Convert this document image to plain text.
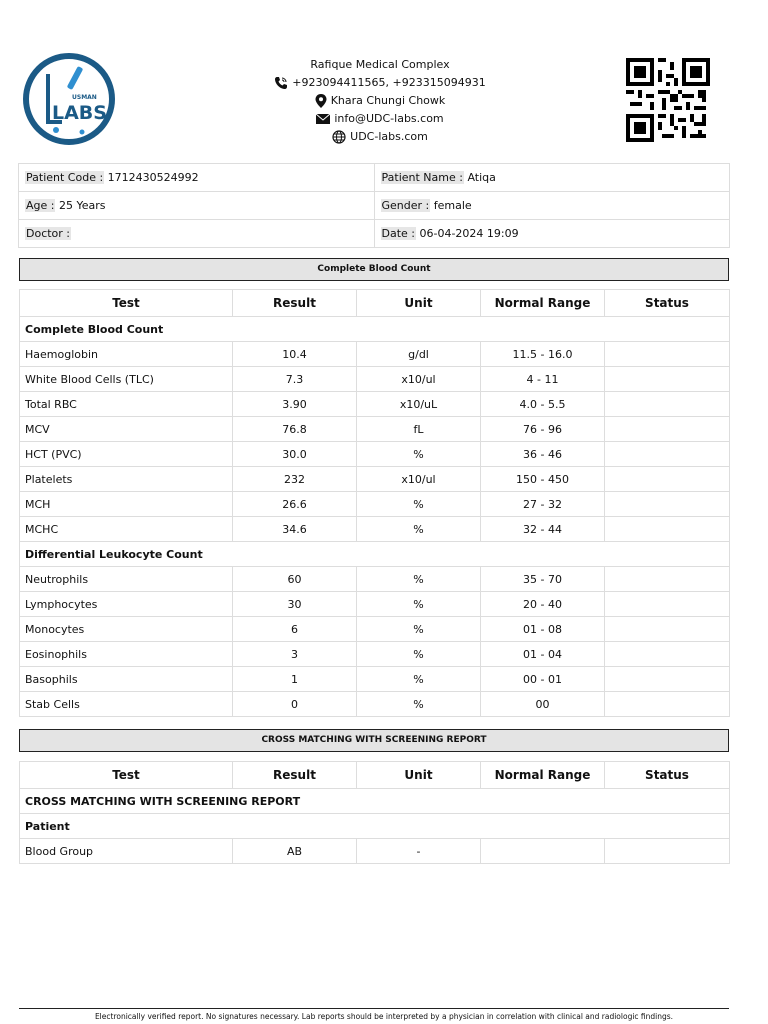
USMAN
LABS
Rafique Medical Complex
+923094411565, +923315094931
Khara Chungi Chowk
info@UDC-labs.com
UDC-labs.com
Patient Code : 1712430524992	Patient Name : Atiqa
Age : 25 Years	Gender : female
Doctor :	Date : 06-04-2024 19:09
Complete Blood Count
Test	Result	Unit	Normal Range	Status
Complete Blood Count				
Haemoglobin	10.4	g/dl	11.5 - 16.0	
White Blood Cells (TLC)	7.3	x10/ul	4 - 11	
Total RBC	3.90	x10/uL	4.0 - 5.5	
MCV	76.8	fL	76 - 96	
HCT (PVC)	30.0	%	36 - 46	
Platelets	232	x10/ul	150 - 450	
MCH	26.6	%	27 - 32	
MCHC	34.6	%	32 - 44	
Differential Leukocyte Count				
Neutrophils	60	%	35 - 70	
Lymphocytes	30	%	20 - 40	
Monocytes	6	%	01 - 08	
Eosinophils	3	%	01 - 04	
Basophils	1	%	00 - 01	
Stab Cells	0	%	00	
CROSS MATCHING WITH SCREENING REPORT
Test	Result	Unit	Normal Range	Status
CROSS MATCHING WITH SCREENING REPORT				
Patient				
Blood Group	AB	-		
Electronically verified report. No signatures necessary. Lab reports should be interpreted by a physician in correlation with clinical and radiologic findings.
